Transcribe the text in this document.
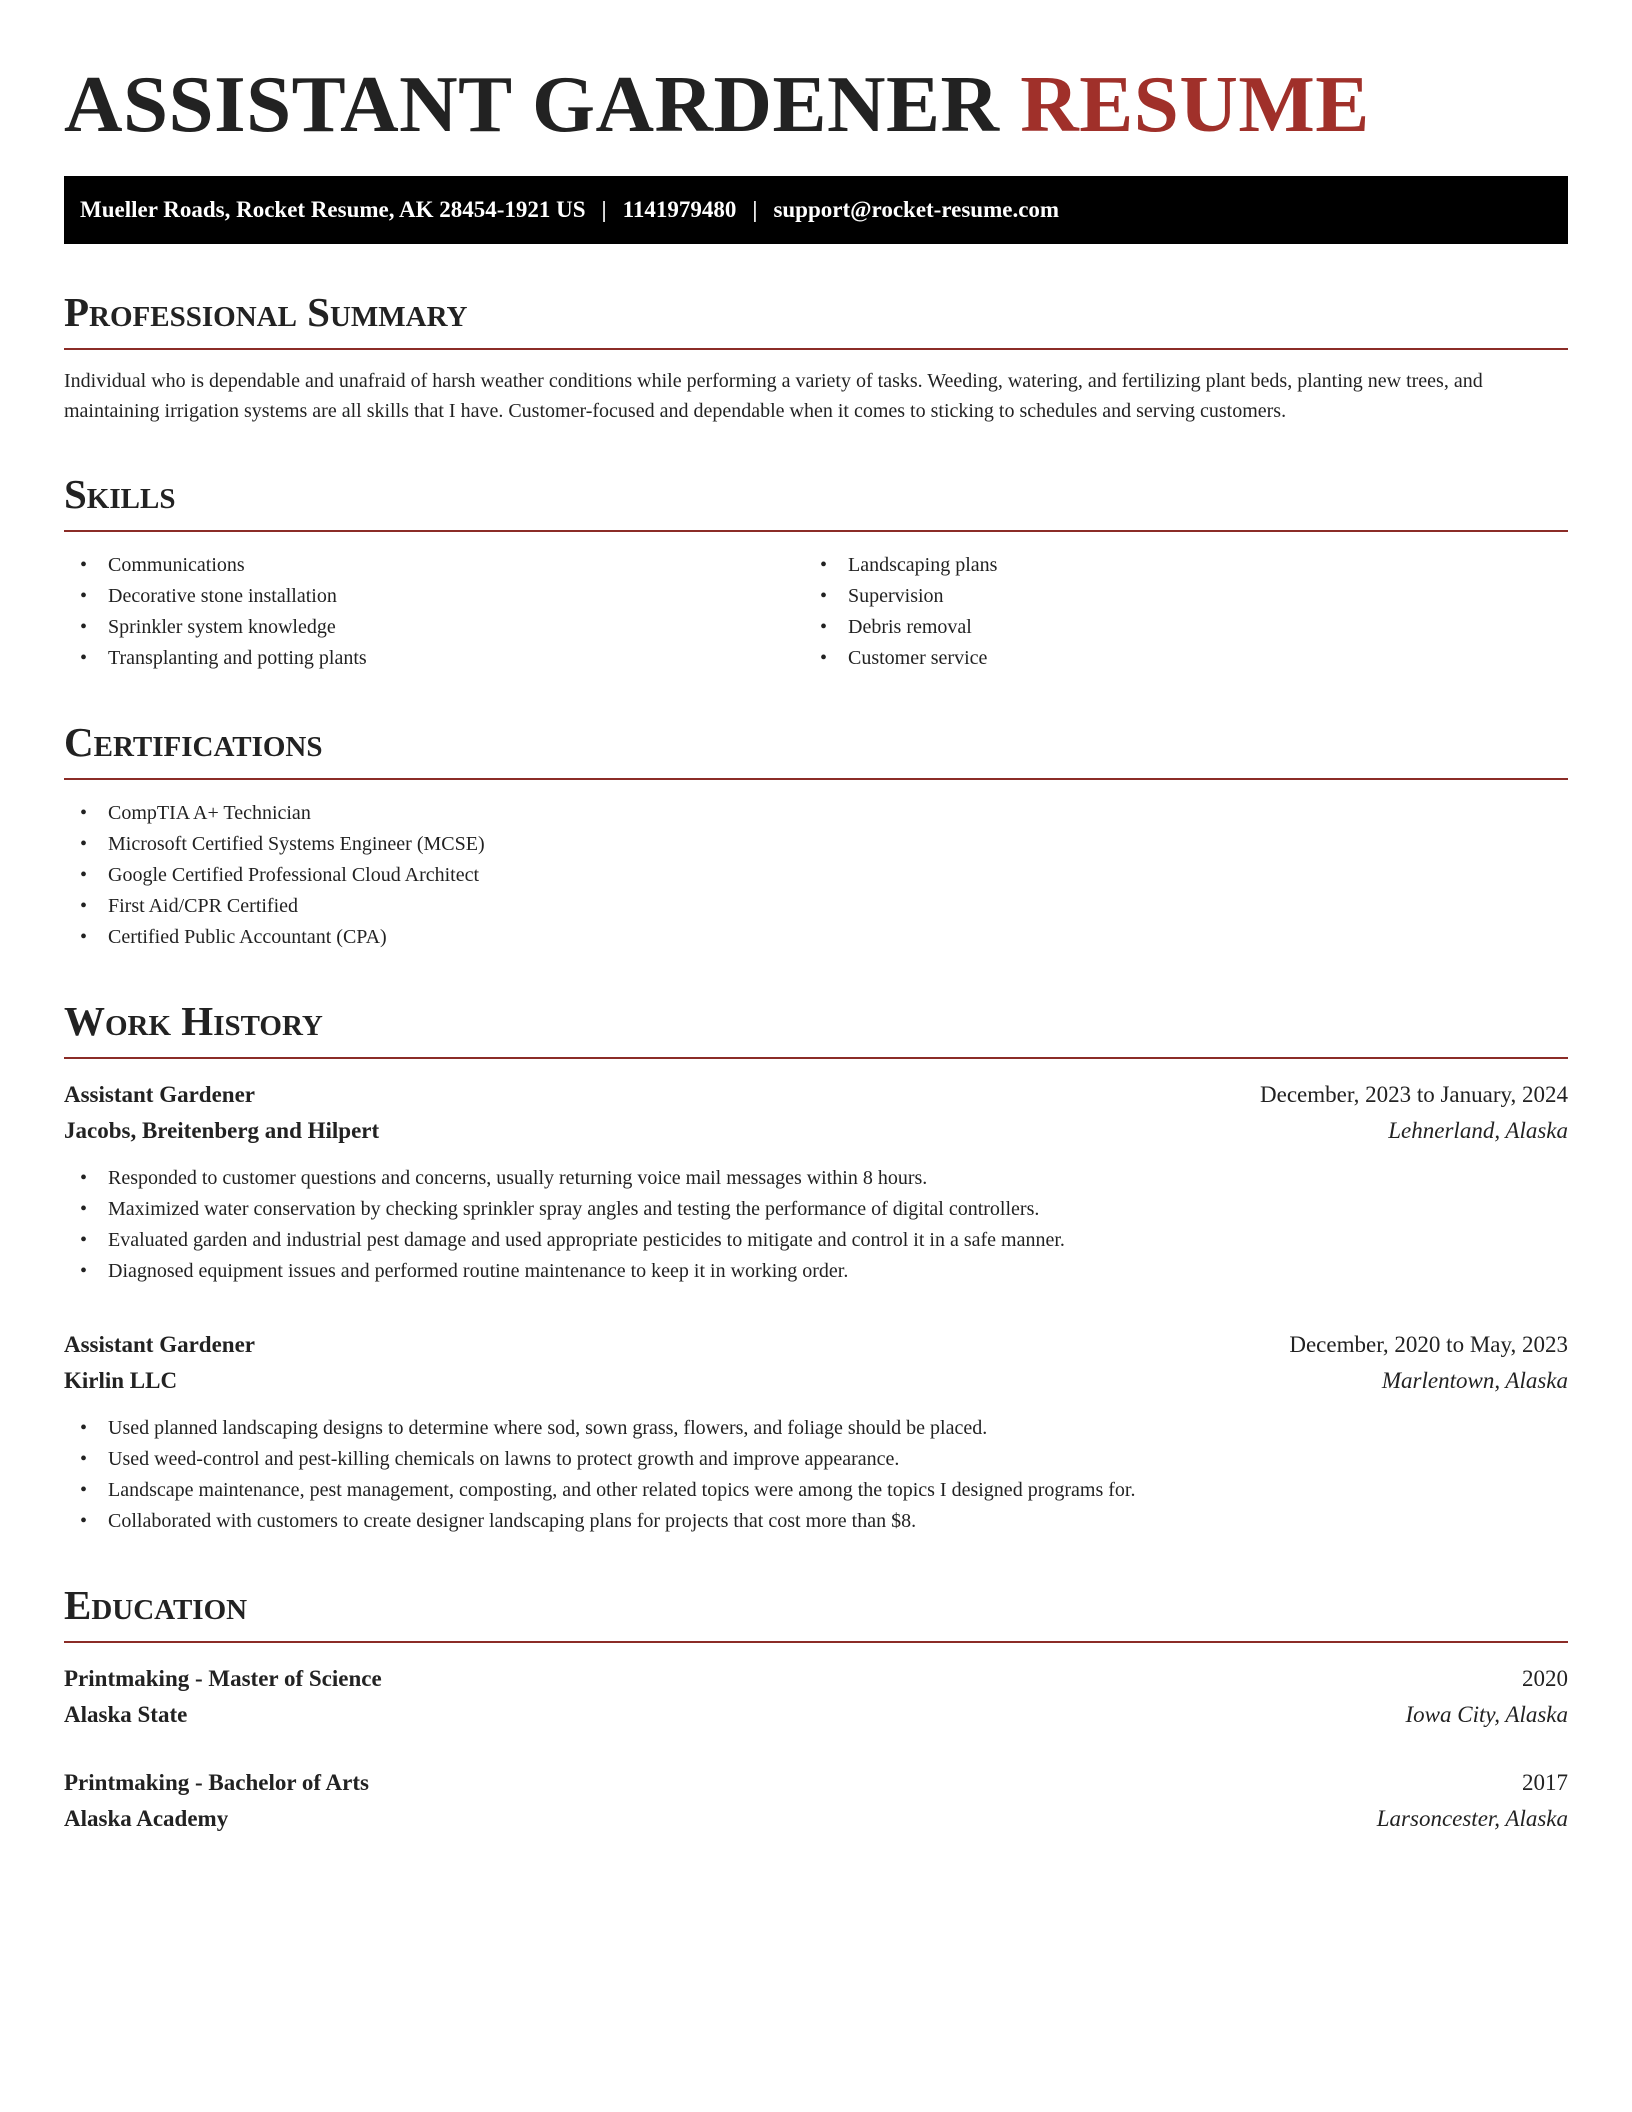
ASSISTANT GARDENER RESUME
Mueller Roads, Rocket Resume, AK 28454-1921 US | 1141979480 | support@rocket-resume.com
Professional Summary

Individual who is dependable and unafraid of harsh weather conditions while performing a variety of tasks. Weeding, watering, and fertilizing plant beds, planting new trees, and maintaining irrigation systems are all skills that I have. Customer-focused and dependable when it comes to sticking to schedules and serving customers.

Skills
• Communications
• Decorative stone installation
• Sprinkler system knowledge
• Transplanting and potting plants
• Landscaping plans
• Supervision
• Debris removal
• Customer service
Certifications
• CompTIA A+ Technician
• Microsoft Certified Systems Engineer (MCSE)
• Google Certified Professional Cloud Architect
• First Aid/CPR Certified
• Certified Public Accountant (CPA)
Work History
Assistant Gardener	December, 2023 to January, 2024
Jacobs, Breitenberg and Hilpert	Lehnerland, Alaska
• Responded to customer questions and concerns, usually returning voice mail messages within 8 hours.
• Maximized water conservation by checking sprinkler spray angles and testing the performance of digital controllers.
• Evaluated garden and industrial pest damage and used appropriate pesticides to mitigate and control it in a safe manner.
• Diagnosed equipment issues and performed routine maintenance to keep it in working order.
Assistant Gardener	December, 2020 to May, 2023
Kirlin LLC	Marlentown, Alaska
• Used planned landscaping designs to determine where sod, sown grass, flowers, and foliage should be placed.
• Used weed-control and pest-killing chemicals on lawns to protect growth and improve appearance.
• Landscape maintenance, pest management, composting, and other related topics were among the topics I designed programs for.
• Collaborated with customers to create designer landscaping plans for projects that cost more than $8.
Education
Printmaking - Master of Science	2020
Alaska State	Iowa City, Alaska
Printmaking - Bachelor of Arts	2017
Alaska Academy	Larsoncester, Alaska
